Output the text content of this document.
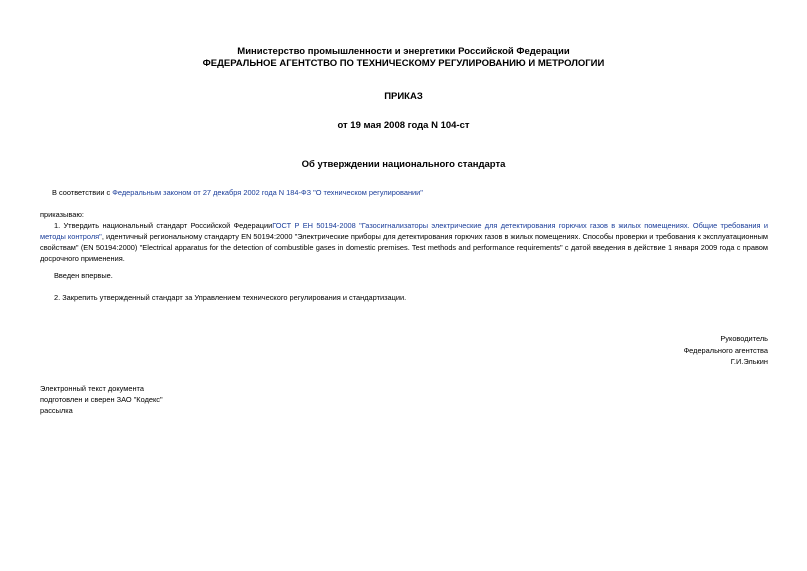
Министерство промышленности и энергетики Российской Федерации
ФЕДЕРАЛЬНОЕ АГЕНТСТВО ПО ТЕХНИЧЕСКОМУ РЕГУЛИРОВАНИЮ И МЕТРОЛОГИИ
ПРИКАЗ
от 19 мая 2008 года N 104-ст
Об утверждении национального стандарта
В соответствии с Федеральным законом от 27 декабря 2002 года N 184-ФЗ "О техническом регулировании"
приказываю:
1. Утвердить национальный стандарт Российской ФедерацииГОСТ Р ЕН 50194-2008 "Газосигнализаторы электрические для детектирования горючих газов в жилых помещениях. Общие требования и методы контроля", идентичный региональному стандарту EN 50194:2000 "Электрические приборы для детектирования горючих газов в жилых помещениях. Способы проверки и требования к эксплуатационным свойствам" (EN 50194:2000) "Electrical apparatus for the detection of combustible gases in domestic premises. Test methods and performance requirements" с датой введения в действие 1 января 2009 года с правом досрочного применения.
Введен впервые.
2. Закрепить утвержденный стандарт за Управлением технического регулирования и стандартизации.
Руководитель
Федерального агентства
Г.И.Элькин
Электронный текст документа
подготовлен и сверен ЗАО "Кодекс"
рассылка
